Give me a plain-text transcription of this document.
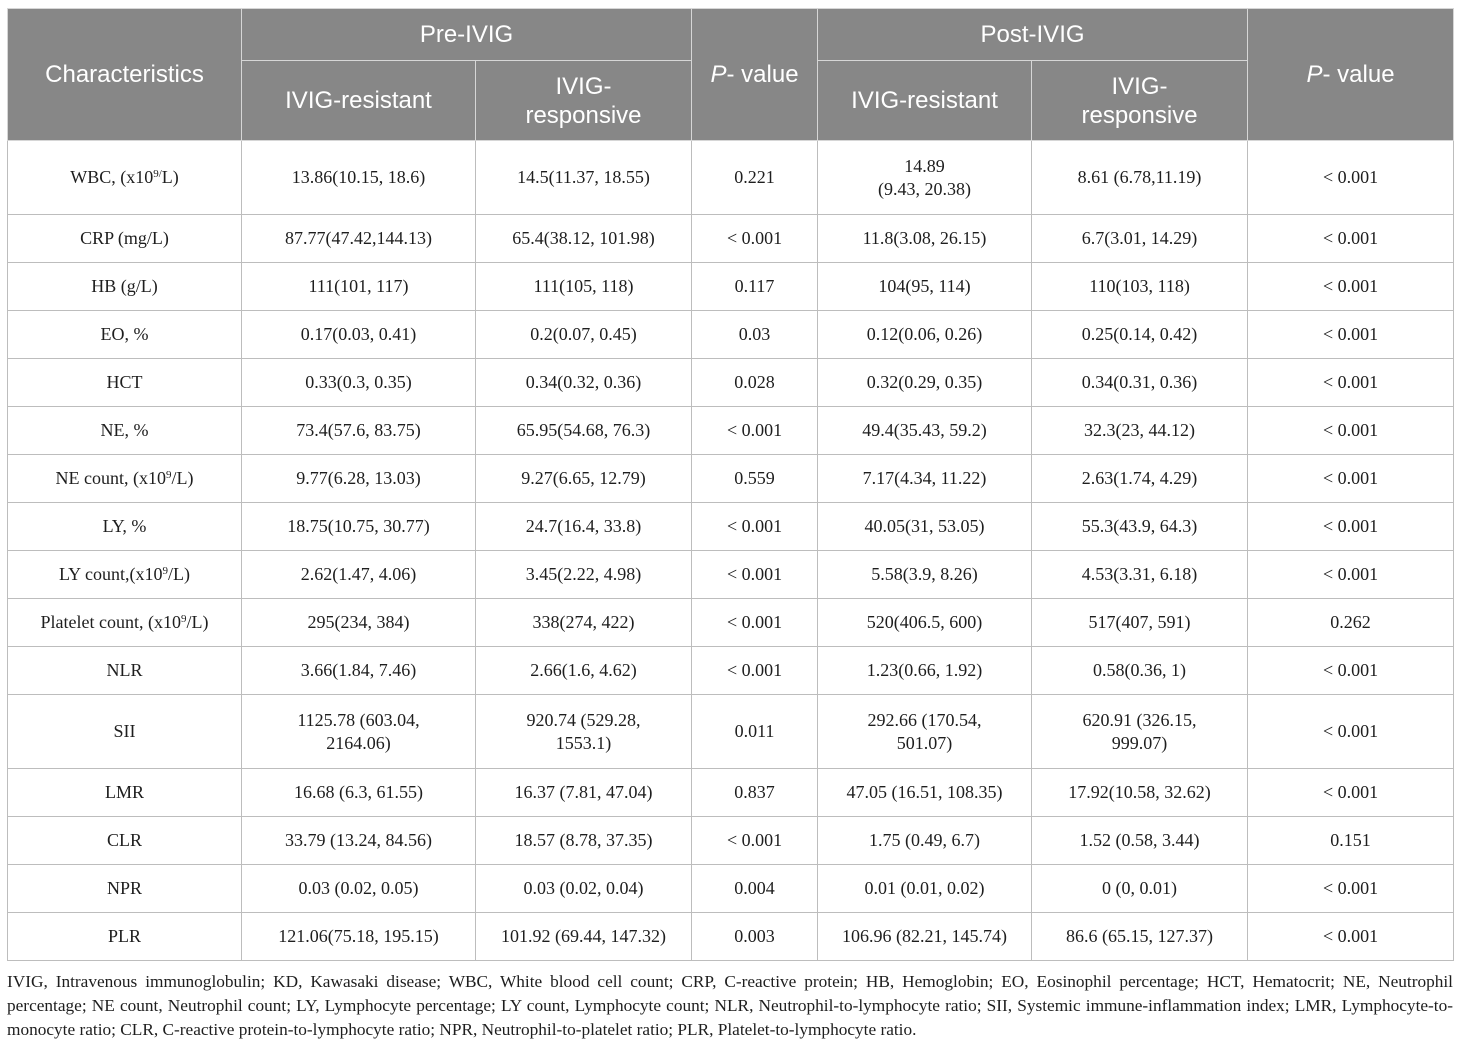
Characteristics	Pre-IVIG		P- value	Post-IVIG		P- value
	IVIG-resistant	IVIG-
responsive		IVIG-resistant	IVIG-
responsive	
WBC, $(x10^{9/}L)$	13.86(10.15, 18.6)	14.5(11.37, 18.55)	0.221	14.89
(9.43, 20.38)	8.61 (6.78,11.19)	< 0.001
CRP (mg/L)	87.77(47.42,144.13)	65.4(38.12, 101.98)	< 0.001	11.8(3.08, 26.15)	6.7(3.01, 14.29)	< 0.001
HB (g/L)	111(101, 117)	111(105, 118)	0.117	104(95, 114)	110(103, 118)	< 0.001
EO, %	0.17(0.03, 0.41)	0.2(0.07, 0.45)	0.03	0.12(0.06, 0.26)	0.25(0.14, 0.42)	< 0.001
HCT	0.33(0.3, 0.35)	0.34(0.32, 0.36)	0.028	0.32(0.29, 0.35)	0.34(0.31, 0.36)	< 0.001
NE, %	73.4(57.6, 83.75)	65.95(54.68, 76.3)	< 0.001	49.4(35.43, 59.2)	32.3(23, 44.12)	< 0.001
NE count, $(x10^9/L)$	9.77(6.28, 13.03)	9.27(6.65, 12.79)	0.559	7.17(4.34, 11.22)	2.63(1.74, 4.29)	< 0.001
LY, %	18.75(10.75, 30.77)	24.7(16.4, 33.8)	< 0.001	40.05(31, 53.05)	55.3(43.9, 64.3)	< 0.001
LY $count,(x10^9/L)$	2.62(1.47, 4.06)	3.45(2.22, 4.98)	< 0.001	5.58(3.9, 8.26)	4.53(3.31, 6.18)	< 0.001
Platelet count, $(x10^9/L)$	295(234, 384)	338(274, 422)	< 0.001	520(406.5, 600)	517(407, 591)	0.262
NLR	3.66(1.84, 7.46)	2.66(1.6, 4.62)	< 0.001	1.23(0.66, 1.92)	0.58(0.36, 1)	< 0.001
SII	1125.78 (603.04,
2164.06)	920.74 (529.28,
1553.1)	0.011	292.66 (170.54,
501.07)	620.91 (326.15,
999.07)	< 0.001
LMR	16.68 (6.3, 61.55)	16.37 (7.81, 47.04)	0.837	47.05 (16.51, 108.35)	17.92(10.58, 32.62)	< 0.001
CLR	33.79 (13.24, 84.56)	18.57 (8.78, 37.35)	< 0.001	1.75 (0.49, 6.7)	1.52 (0.58, 3.44)	0.151
NPR	0.03 (0.02, 0.05)	0.03 (0.02, 0.04)	0.004	0.01 (0.01, 0.02)	0 (0, 0.01)	< 0.001
PLR	121.06(75.18, 195.15)	101.92 (69.44, 147.32)	0.003	106.96 (82.21, 145.74)	86.6 (65.15, 127.37)	< 0.001
IVIG, Intravenous immunoglobulin; KD, Kawasaki disease; WBC, White blood cell count; CRP, C-reactive protein; HB, Hemoglobin; EO, Eosinophil percentage; HCT, Hematocrit; NE, Neutrophil percentage; NE count, Neutrophil count; LY, Lymphocyte percentage; LY count, Lymphocyte count; NLR, Neutrophil-to-lymphocyte ratio; SII, Systemic immune-inflammation index; LMR, Lymphocyte-to-monocyte ratio; CLR, C-reactive protein-to-lymphocyte ratio; NPR, Neutrophil-to-platelet ratio; PLR, Platelet-to-lymphocyte ratio.
